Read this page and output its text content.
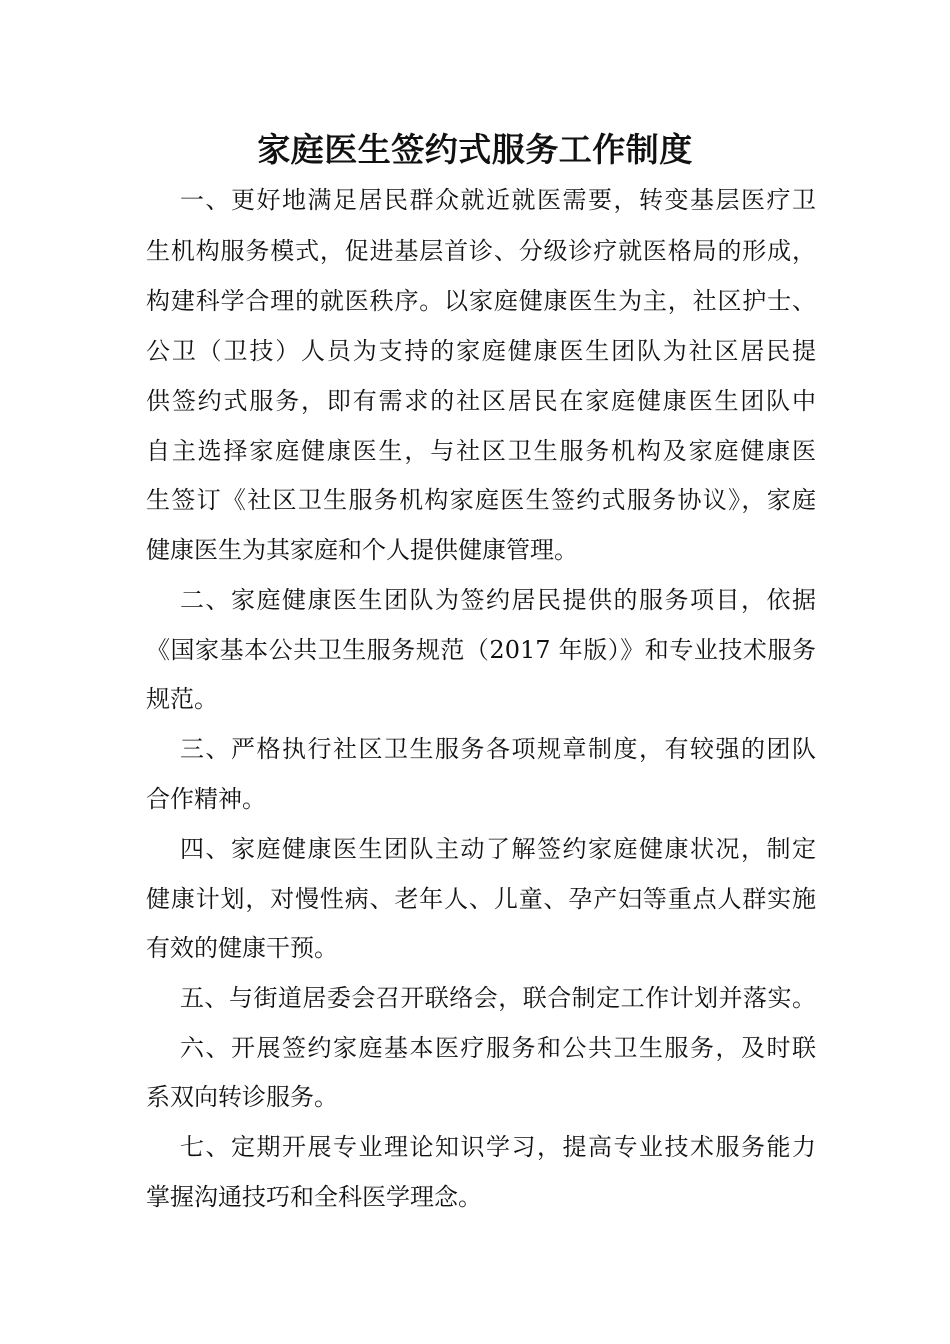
家庭医生签约式服务工作制度
一、更好地满足居民群众就近就医需要，转变基层医疗卫
生机构服务模式，促进基层首诊、分级诊疗就医格局的形成，
构建科学合理的就医秩序。以家庭健康医生为主，社区护士、
公卫（卫技）人员为支持的家庭健康医生团队为社区居民提
供签约式服务，即有需求的社区居民在家庭健康医生团队中
自主选择家庭健康医生，与社区卫生服务机构及家庭健康医
生签订《社区卫生服务机构家庭医生签约式服务协议》，家庭
健康医生为其家庭和个人提供健康管理。
二、家庭健康医生团队为签约居民提供的服务项目，依据
《国家基本公共卫生服务规范（2017 年版）》和专业技术服务
规范。
三、严格执行社区卫生服务各项规章制度，有较强的团队
合作精神。
四、家庭健康医生团队主动了解签约家庭健康状况，制定
健康计划，对慢性病、老年人、儿童、孕产妇等重点人群实施
有效的健康干预。
五、与街道居委会召开联络会，联合制定工作计划并落实。
六、开展签约家庭基本医疗服务和公共卫生服务，及时联
系双向转诊服务。
七、定期开展专业理论知识学习，提高专业技术服务能力
掌握沟通技巧和全科医学理念。
